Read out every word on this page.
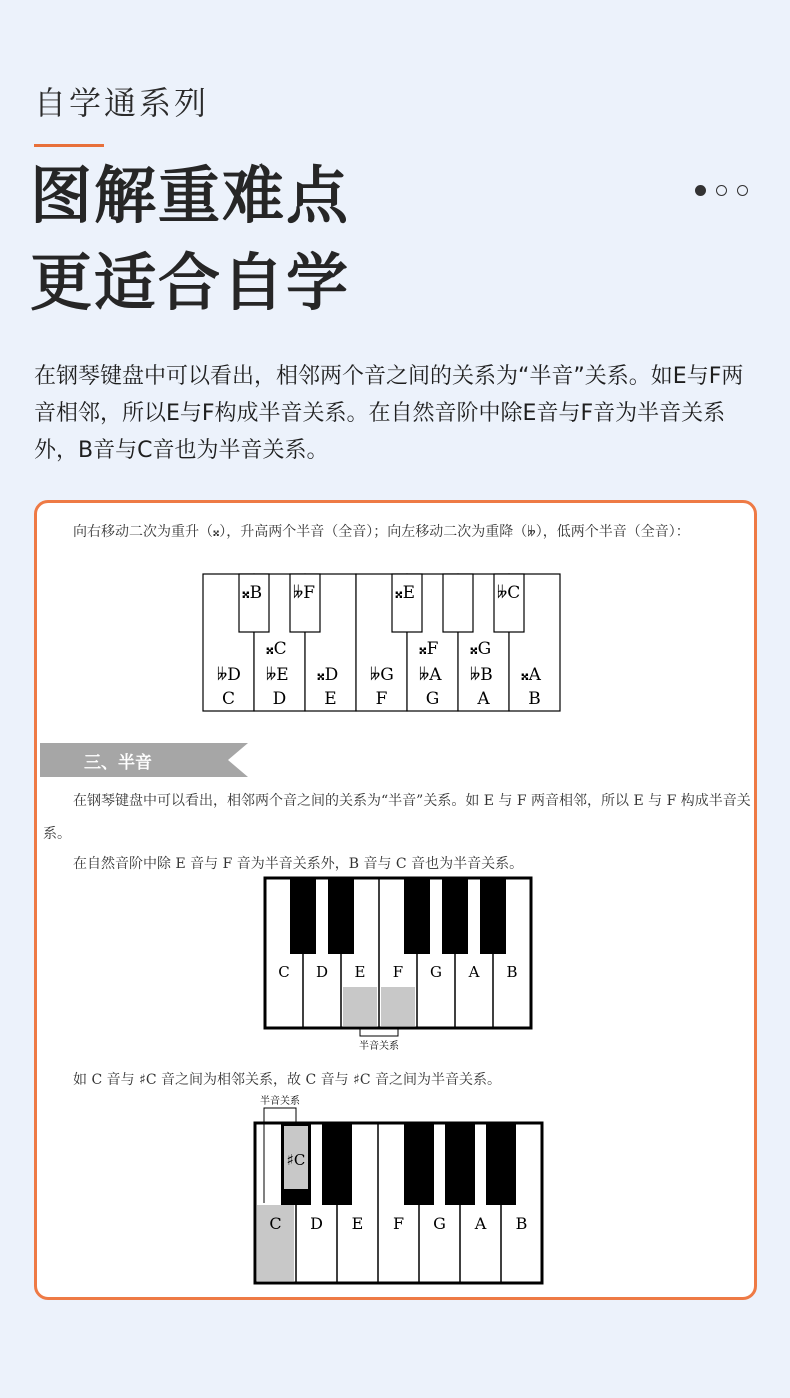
自学通系列
图解重难点
更适合自学
在钢琴键盘中可以看出，相邻两个音之间的关系为“半音”关系。如E与F两音相邻，所以E与F构成半音关系。在自然音阶中除E音与F音为半音关系外，B音与C音也为半音关系。
向右移动二次为重升（𝄪），升高两个半音（全音）；向左移动二次为重降（𝄫），低两个半音（全音）：
C
𝄫D
D
𝄫E
𝄪C
E
𝄪D
F
𝄫G
G
𝄫A
𝄪F
A
𝄫B
𝄪G
B
𝄪A
𝄪B 𝄫F	𝄪E	𝄫C
三、半音
在钢琴键盘中可以看出，相邻两个音之间的关系为“半音”关系。如 E 与 F 两音相邻，所以 E 与 F 构成半音关系。
在自然音阶中除 E 音与 F 音为半音关系外，B 音与 C 音也为半音关系。
C D E F G A B
半音关系
如 C 音与 ♯C 音之间为相邻关系，故 C 音与 ♯C 音之间为半音关系。
C D E F G A B
♯C
半音关系
